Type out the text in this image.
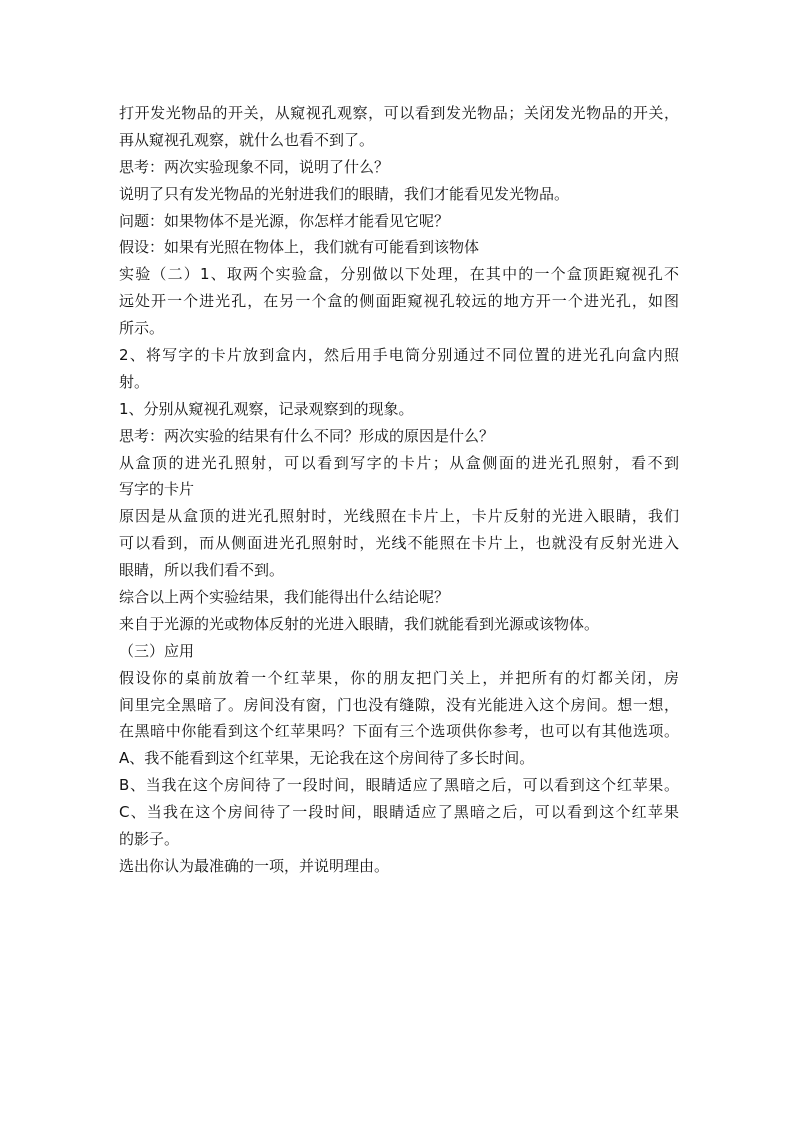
打开发光物品的开关，从窥视孔观察，可以看到发光物品；关闭发光物品的开关，
再从窥视孔观察，就什么也看不到了。
思考：两次实验现象不同，说明了什么？
说明了只有发光物品的光射进我们的眼睛，我们才能看见发光物品。
问题：如果物体不是光源，你怎样才能看见它呢？
假设：如果有光照在物体上，我们就有可能看到该物体
实验（二）1、取两个实验盒，分别做以下处理，在其中的一个盒顶距窥视孔不
远处开一个进光孔，在另一个盒的侧面距窥视孔较远的地方开一个进光孔，如图
所示。
2、将写字的卡片放到盒内，然后用手电筒分别通过不同位置的进光孔向盒内照
射。
1、分别从窥视孔观察，记录观察到的现象。
思考：两次实验的结果有什么不同？形成的原因是什么？
从盒顶的进光孔照射，可以看到写字的卡片；从盒侧面的进光孔照射，看不到
写字的卡片
原因是从盒顶的进光孔照射时，光线照在卡片上，卡片反射的光进入眼睛，我们
可以看到，而从侧面进光孔照射时，光线不能照在卡片上，也就没有反射光进入
眼睛，所以我们看不到。
综合以上两个实验结果，我们能得出什么结论呢？
来自于光源的光或物体反射的光进入眼睛，我们就能看到光源或该物体。
（三）应用
假设你的桌前放着一个红苹果，你的朋友把门关上，并把所有的灯都关闭，房
间里完全黑暗了。房间没有窗，门也没有缝隙，没有光能进入这个房间。想一想，
在黑暗中你能看到这个红苹果吗？下面有三个选项供你参考，也可以有其他选项。
A、我不能看到这个红苹果，无论我在这个房间待了多长时间。
B、当我在这个房间待了一段时间，眼睛适应了黑暗之后，可以看到这个红苹果。
C、当我在这个房间待了一段时间，眼睛适应了黑暗之后，可以看到这个红苹果
的影子。
选出你认为最准确的一项，并说明理由。
